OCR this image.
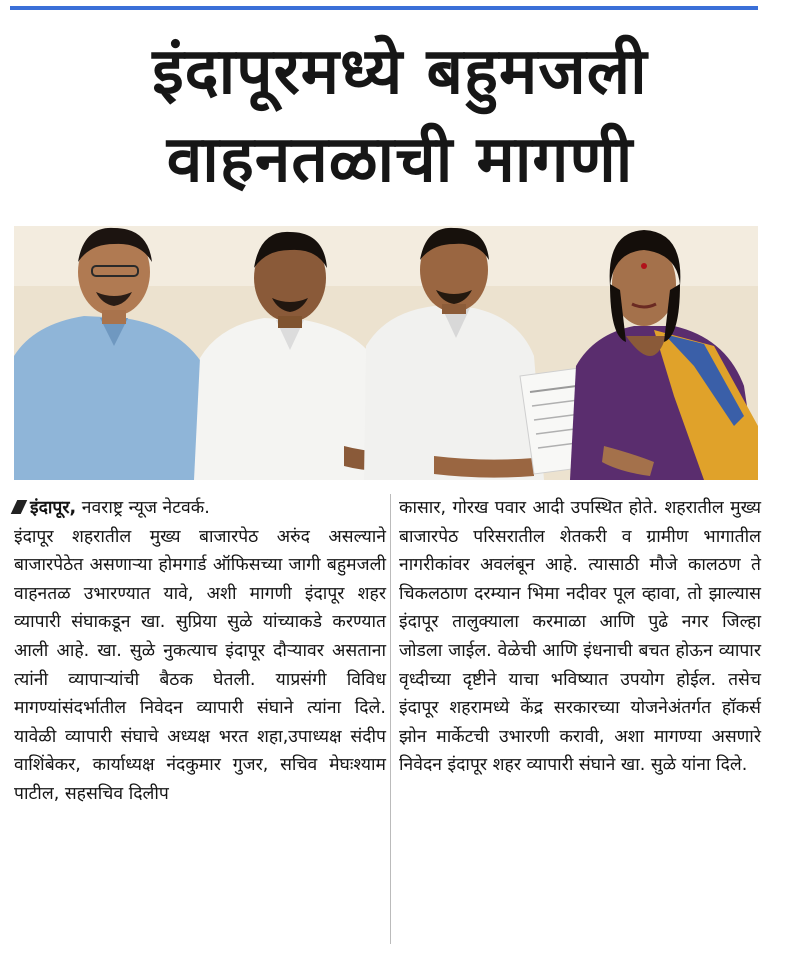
इंदापूरमध्ये बहुमजली
वाहनतळाची मागणी

इंदापूर, नवराष्ट्र न्यूज नेटवर्क.

इंदापूर शहरातील मुख्य बाजारपेठ अरुंद असल्याने बाजारपेठेत असणाऱ्या होमगार्ड ऑफिसच्या जागी बहुमजली वाहनतळ उभारण्यात यावे, अशी मागणी इंदापूर शहर व्यापारी संघाकडून खा. सुप्रिया सुळे यांच्याकडे करण्यात आली आहे. खा. सुळे नुकत्याच इंदापूर दौऱ्यावर असताना त्यांनी व्यापाऱ्यांची बैठक घेतली. याप्रसंगी विविध मागण्यांसंदर्भातील निवेदन व्यापारी संघाने त्यांना दिले. यावेळी व्यापारी संघाचे अध्यक्ष भरत शहा,उपाध्यक्ष संदीप वाशिंबेकर, कार्याध्यक्ष नंदकुमार गुजर, सचिव मेघःश्याम पाटील, सहसचिव दिलीप

कासार, गोरख पवार आदी उपस्थित होते. शहरातील मुख्य बाजारपेठ परिसरातील शेतकरी व ग्रामीण भागातील नागरीकांवर अवलंबून आहे. त्यासाठी मौजे कालठण ते चिकलठाण दरम्यान भिमा नदीवर पूल व्हावा, तो झाल्यास इंदापूर तालुक्याला करमाळा आणि पुढे नगर जिल्हा जोडला जाईल. वेळेची आणि इंधनाची बचत होऊन व्यापार वृध्दीच्या दृष्टीने याचा भविष्यात उपयोग होईल. तसेच इंदापूर शहरामध्ये केंद्र सरकारच्या योजनेअंतर्गत हॉकर्स झोन मार्केटची उभारणी करावी, अशा मागण्या असणारे निवेदन इंदापूर शहर व्यापारी संघाने खा. सुळे यांना दिले.
